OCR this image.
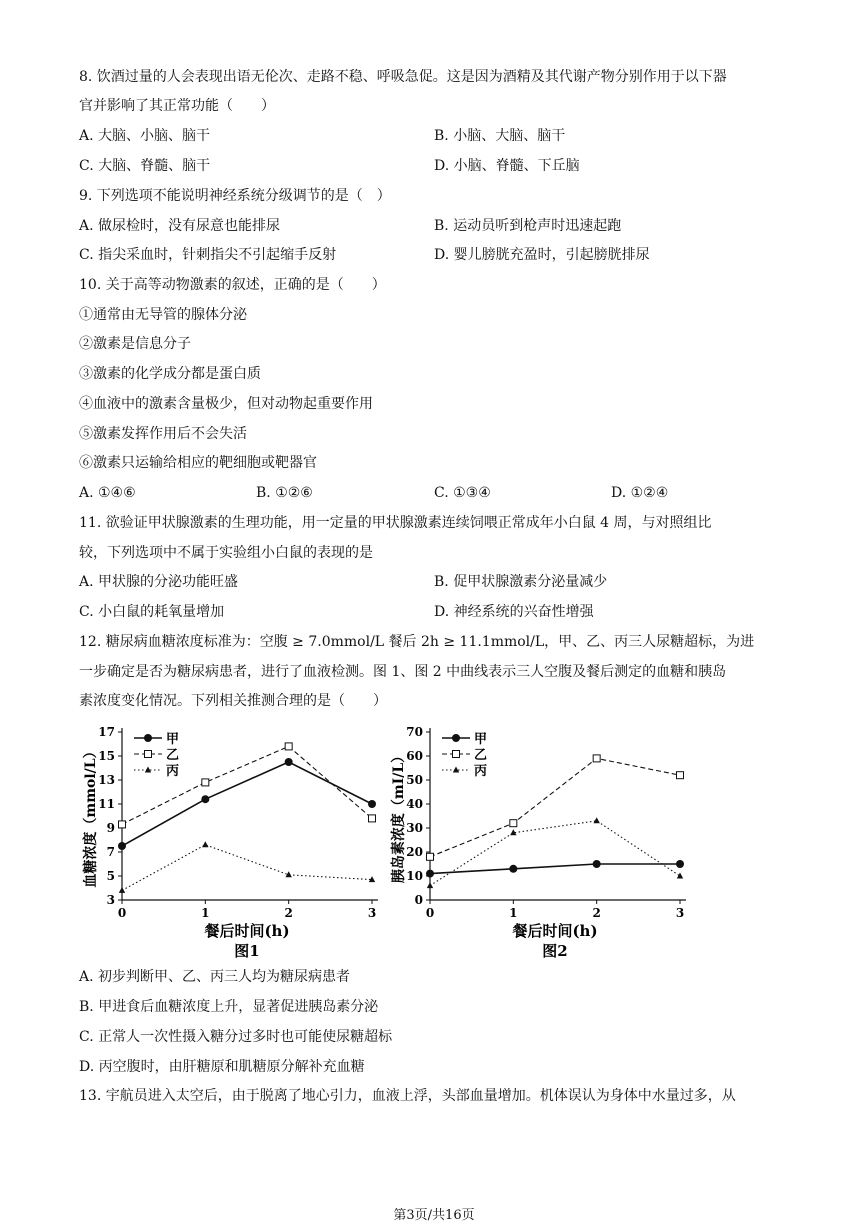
8. 饮酒过量的人会表现出语无伦次、走路不稳、呼吸急促。这是因为酒精及其代谢产物分别作用于以下器
官并影响了其正常功能（　　）
A. 大脑、小脑、脑干	B. 小脑、大脑、脑干
C. 大脑、脊髓、脑干	D. 小脑、脊髓、下丘脑
9. 下列选项不能说明神经系统分级调节的是（　）
A. 做尿检时，没有尿意也能排尿	B. 运动员听到枪声时迅速起跑
C. 指尖采血时，针刺指尖不引起缩手反射	D. 婴儿膀胱充盈时，引起膀胱排尿
10. 关于高等动物激素的叙述，正确的是（　　）
①通常由无导管的腺体分泌
②激素是信息分子
③激素的化学成分都是蛋白质
④血液中的激素含量极少，但对动物起重要作用
⑤激素发挥作用后不会失活
⑥激素只运输给相应的靶细胞或靶器官
A. ①④⑥	B. ①②⑥	C. ①③④	D. ①②④
11. 欲验证甲状腺激素的生理功能，用一定量的甲状腺激素连续饲喂正常成年小白鼠 4 周，与对照组比
较，下列选项中不属于实验组小白鼠的表现的是
A. 甲状腺的分泌功能旺盛	B. 促甲状腺激素分泌量减少
C. 小白鼠的耗氧量增加	D. 神经系统的兴奋性增强
12. 糖尿病血糖浓度标准为：空腹 ≥ 7.0mmol/L 餐后 2h ≥ 11.1mmol/L，甲、乙、丙三人尿糖超标，为进
一步确定是否为糖尿病患者，进行了血液检测。图 1、图 2 中曲线表示三人空腹及餐后测定的血糖和胰岛
素浓度变化情况。下列相关推测合理的是（　　）
3
5
7
9
11
13
15
17
0	1	2	3
餐后时间(h)
图1
血糖浓度（mmol/L）
甲
乙
丙
0
10
20
30
40
50
60
70
0	1	2	3
餐后时间(h)
图2
胰岛素浓度（mI/L）
甲
乙
丙
A. 初步判断甲、乙、丙三人均为糖尿病患者
B. 甲进食后血糖浓度上升，显著促进胰岛素分泌
C. 正常人一次性摄入糖分过多时也可能使尿糖超标
D. 丙空腹时，由肝糖原和肌糖原分解补充血糖
13. 宇航员进入太空后，由于脱离了地心引力，血液上浮，头部血量增加。机体误认为身体中水量过多，从
第3页/共16页
